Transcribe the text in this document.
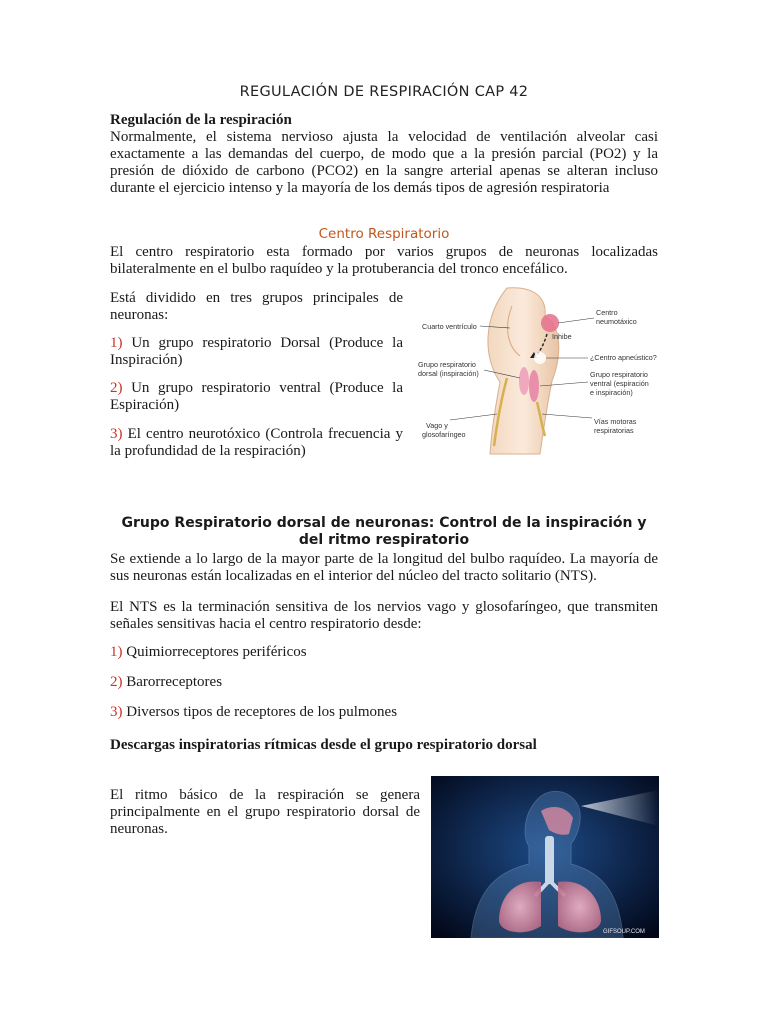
REGULACIÓN DE RESPIRACIÓN CAP 42
Regulación de la respiración
Normalmente, el sistema nervioso ajusta la velocidad de ventilación alveolar casi exactamente a las demandas del cuerpo, de modo que a la presión parcial (PO2) y la presión de dióxido de carbono (PCO2) en la sangre arterial apenas se alteran incluso durante el ejercicio intenso y la mayoría de los demás tipos de agresión respiratoria
Centro Respiratorio
El centro respiratorio esta formado por varios grupos de neuronas localizadas bilateralmente en el bulbo raquídeo y la protuberancia del tronco encefálico.
Está dividido en tres grupos principales de neuronas:
1) Un grupo respiratorio Dorsal (Produce la Inspiración)
2) Un grupo respiratorio ventral (Produce la Espiración)
3) El centro neurotóxico (Controla frecuencia y la profundidad de la respiración)
Cuarto ventrículo
Centro
neumotáxico
Inhibe
¿Centro apneústico?
Grupo respiratorio
dorsal (inspiración)	Grupo respiratorio
ventral (espiración
e inspiración)
Vías motoras
respiratorias
Vago y
glosofaríngeo
Grupo Respiratorio dorsal de neuronas: Control de la inspiración y del ritmo respiratorio
Se extiende a lo largo de la mayor parte de la longitud del bulbo raquídeo. La mayoría de sus neuronas están localizadas en el interior del núcleo del tracto solitario (NTS).
El NTS es la terminación sensitiva de los nervios vago y glosofaríngeo, que transmiten señales sensitivas hacia el centro respiratorio desde:
1) Quimiorreceptores periféricos
2) Barorreceptores
3) Diversos tipos de receptores de los pulmones
Descargas inspiratorias rítmicas desde el grupo respiratorio dorsal
El ritmo básico de la respiración se genera principalmente en el grupo respiratorio dorsal de neuronas.
GIFSOUP.COM
